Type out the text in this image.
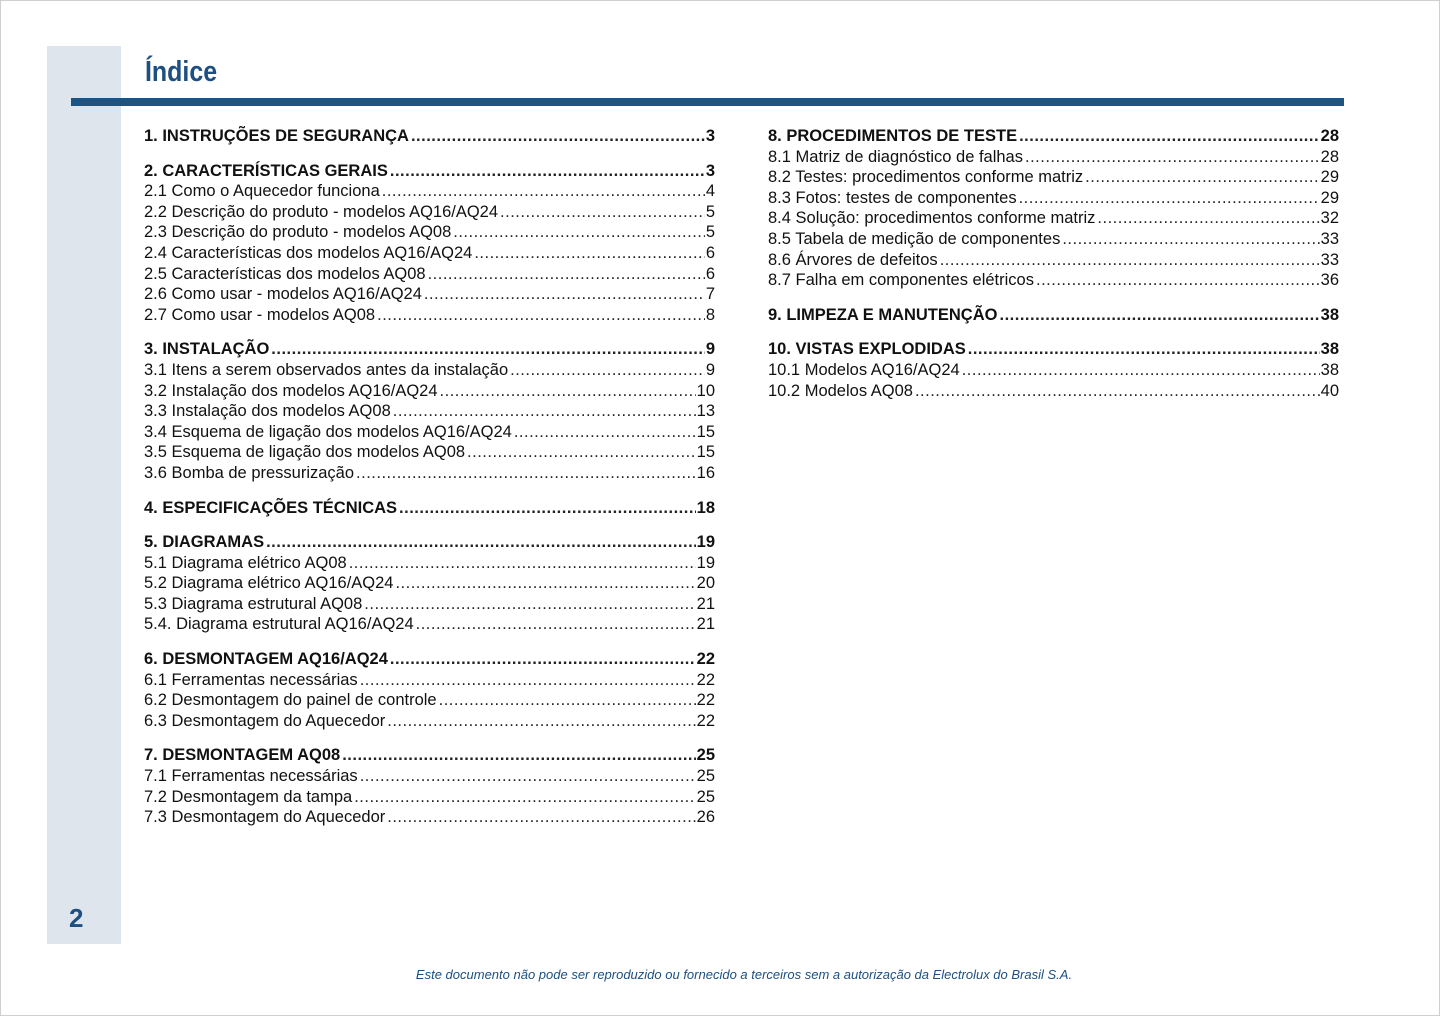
2
Índice
1. INSTRUÇÕES DE SEGURANÇA .....	3
2. CARACTERÍSTICAS GERAIS .....	3
2.1 Como o Aquecedor funciona .....	4
2.2 Descrição do produto - modelos AQ16/AQ24 .....	5
2.3 Descrição do produto - modelos AQ08 .....	5
2.4 Características dos modelos AQ16/AQ24 .....	6
2.5 Características dos modelos AQ08 .....	6
2.6 Como usar - modelos AQ16/AQ24 .....	7
2.7 Como usar - modelos AQ08 .....	8
3. INSTALAÇÃO .....	9
3.1 Itens a serem observados antes da instalação .....	9
3.2 Instalação dos modelos AQ16/AQ24 .....	10
3.3 Instalação dos modelos AQ08 .....	13
3.4 Esquema de ligação dos modelos AQ16/AQ24 .....	15
3.5 Esquema de ligação dos modelos AQ08 .....	15
3.6 Bomba de pressurização .....	16
4. ESPECIFICAÇÕES TÉCNICAS .....	18
5. DIAGRAMAS .....	19
5.1 Diagrama elétrico AQ08 .....	19
5.2 Diagrama elétrico AQ16/AQ24 .....	20
5.3 Diagrama estrutural AQ08 .....	21
5.4. Diagrama estrutural AQ16/AQ24 .....	21
6. DESMONTAGEM AQ16/AQ24 .....	22
6.1 Ferramentas necessárias .....	22
6.2 Desmontagem do painel de controle .....	22
6.3 Desmontagem do Aquecedor .....	22
7. DESMONTAGEM AQ08 .....	25
7.1 Ferramentas necessárias .....	25
7.2 Desmontagem da tampa .....	25
7.3 Desmontagem do Aquecedor .....	26
8. PROCEDIMENTOS DE TESTE .....	28
8.1 Matriz de diagnóstico de falhas .....	28
8.2 Testes: procedimentos conforme matriz .....	29
8.3 Fotos: testes de componentes .....	29
8.4 Solução: procedimentos conforme matriz .....	32
8.5 Tabela de medição de componentes .....	33
8.6 Árvores de defeitos .....	33
8.7 Falha em componentes elétricos .....	36
9. LIMPEZA E MANUTENÇÃO .....	38
10. VISTAS EXPLODIDAS .....	38
10.1 Modelos AQ16/AQ24 .....	38
10.2 Modelos AQ08 .....	40
Este documento não pode ser reproduzido ou fornecido a terceiros sem a autorização da Electrolux do Brasil S.A.
